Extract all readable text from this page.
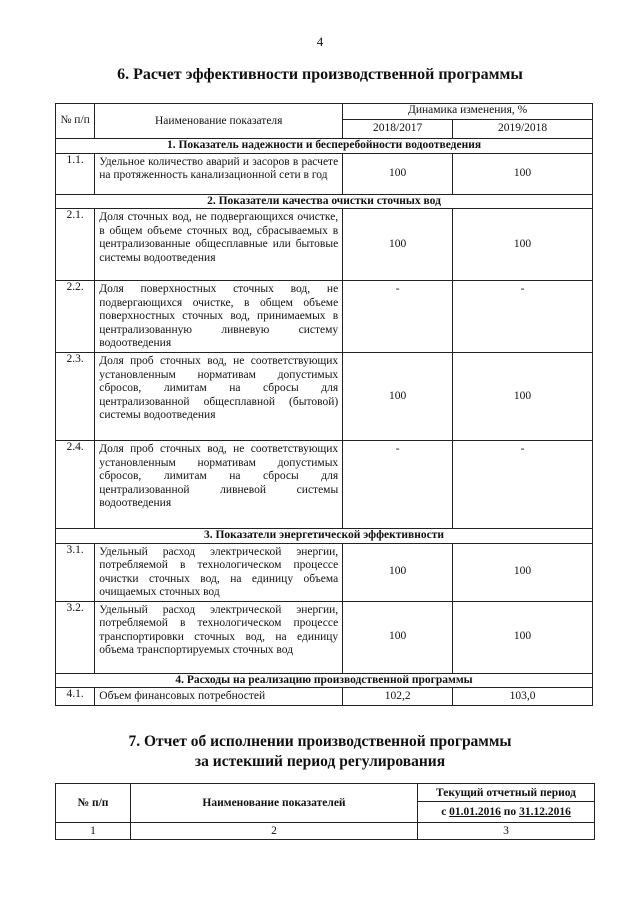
4
6. Расчет эффективности производственной программы
№ п/п	Наименование показателя	Динамика изменения, %	
		2018/2017	2019/2018
1. Показатель надежности и бесперебойности водоотведения			
1.1.	Удельное количество аварий и засоров в расчете на протяженность канализационной сети в год	100	100
2. Показатели качества очистки сточных вод			
2.1.	Доля сточных вод, не подвергающихся очистке, в общем объеме сточных вод, сбрасываемых в централизованные общесплавные или бытовые системы водоотведения	100	100
2.2.	Доля поверхностных сточных вод, не подвергающихся очистке, в общем объеме поверхностных сточных вод, принимаемых в централизованную ливневую систему водоотведения	-	-
2.3.	Доля проб сточных вод, не соответствующих установленным нормативам допустимых сбросов, лимитам на сбросы для централизованной общесплавной (бытовой) системы водоотведения	100	100
2.4.	Доля проб сточных вод, не соответствующих установленным нормативам допустимых сбросов, лимитам на сбросы для централизованной ливневой системы водоотведения	-	-
3. Показатели энергетической эффективности			
3.1.	Удельный расход электрической энергии, потребляемой в технологическом процессе очистки сточных вод, на единицу объема очищаемых сточных вод	100	100
3.2.	Удельный расход электрической энергии, потребляемой в технологическом процессе транспортировки сточных вод, на единицу объема транспортируемых сточных вод	100	100
4. Расходы на реализацию производственной программы			
4.1.	Объем финансовых потребностей	102,2	103,0
7. Отчет об исполнении производственной программы
за истекший период регулирования
№ п/п	Наименование показателей	Текущий отчетный период
		с 01.01.2016 по 31.12.2016
1	2	3
